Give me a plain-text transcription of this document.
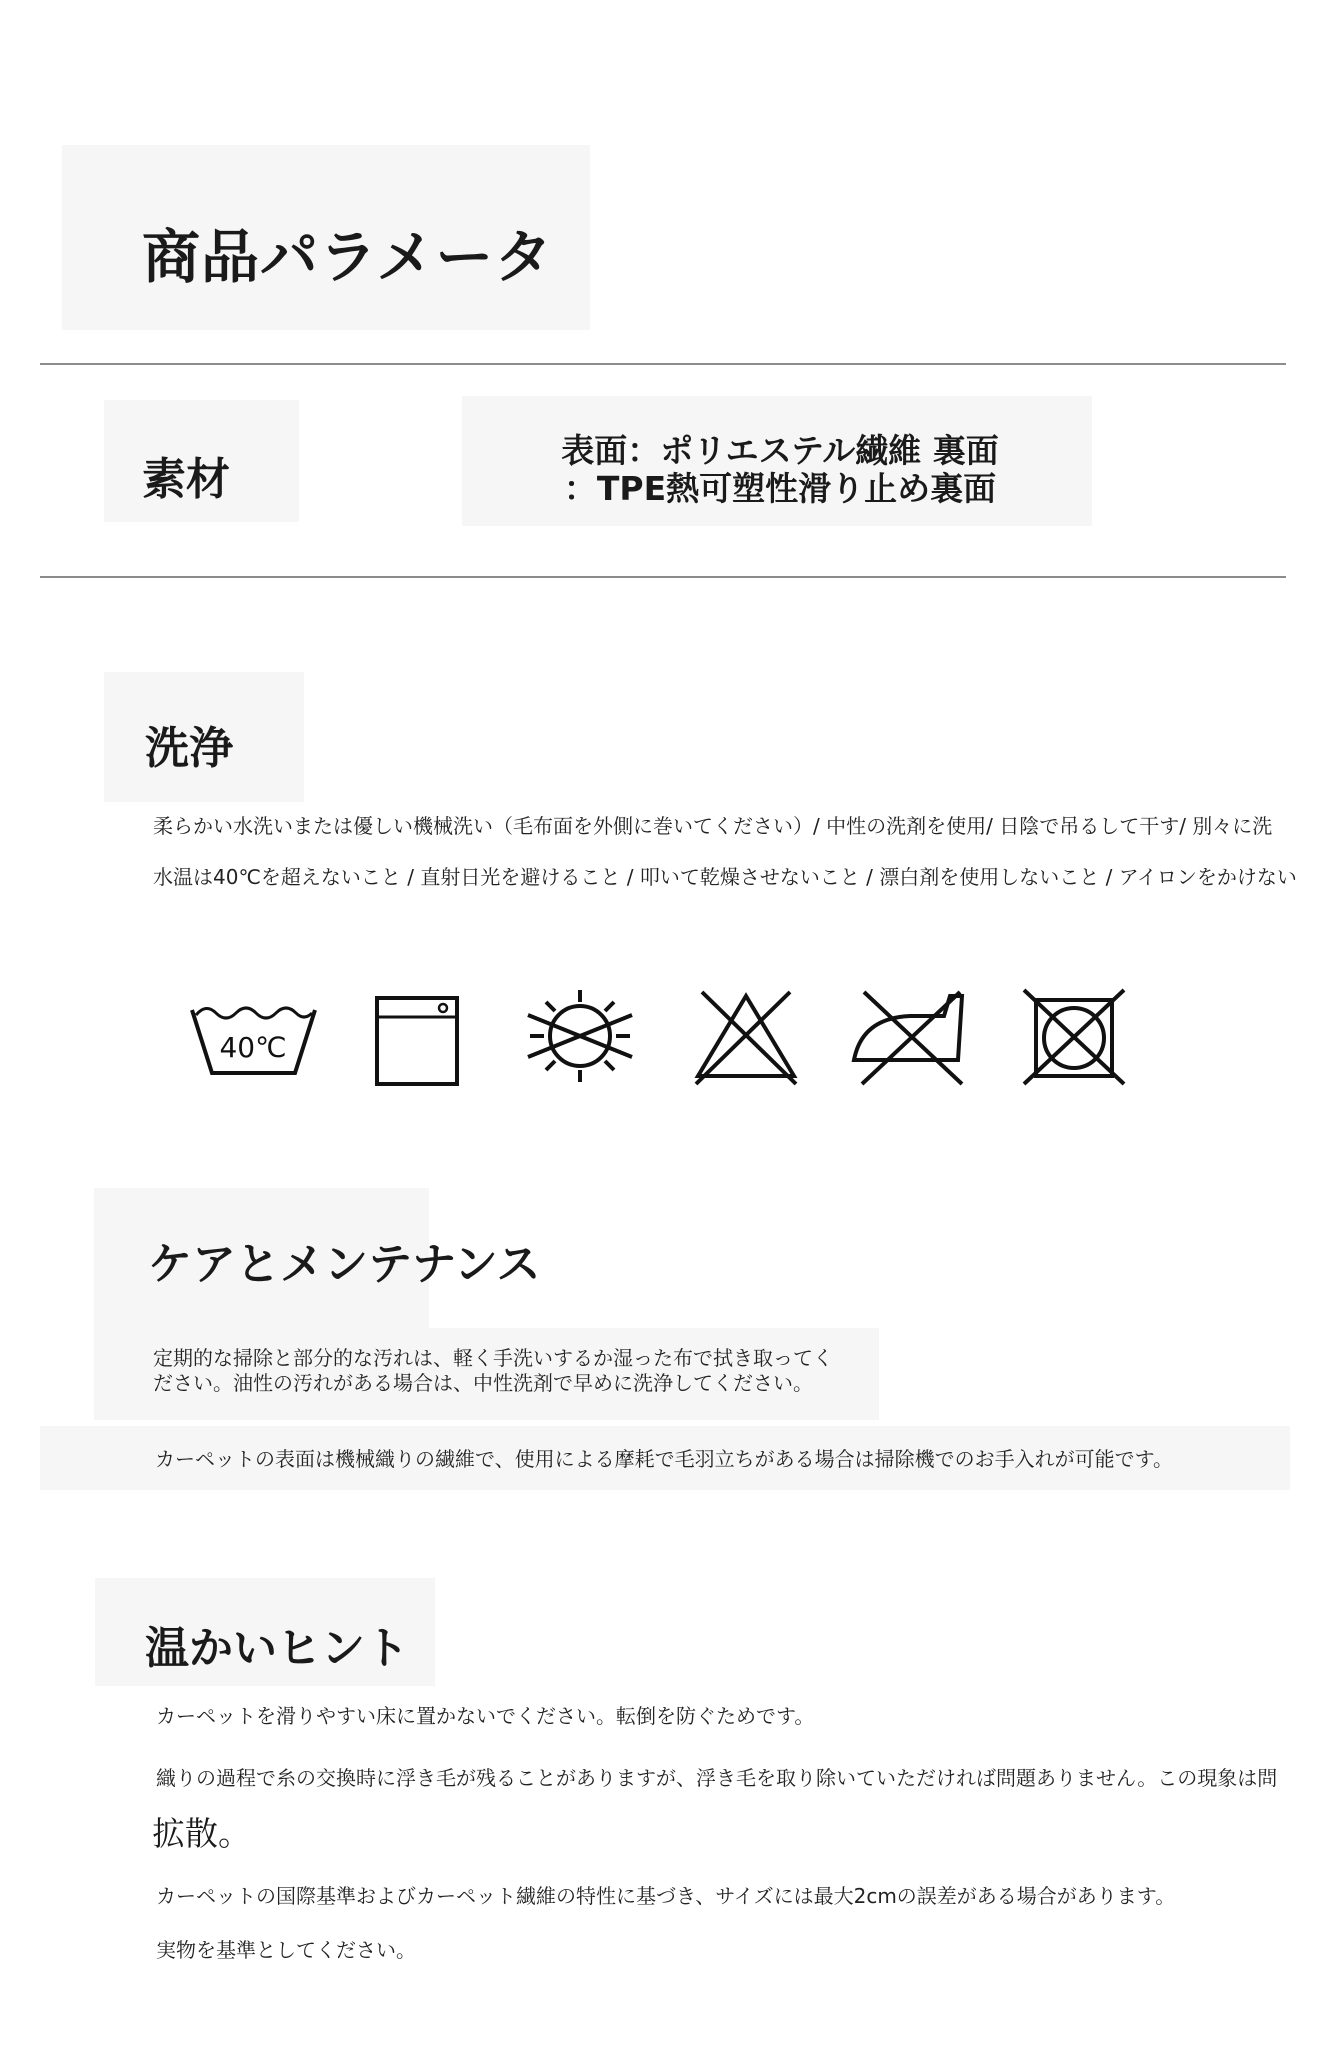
商品パラメータ
素材
表面：ポリエステル繊維 裏面
：TPE熱可塑性滑り止め裏面
洗浄
柔らかい水洗いまたは優しい機械洗い（毛布面を外側に巻いてください）/ 中性の洗剤を使用/ 日陰で吊るして干す/ 別々に洗
水温は40℃を超えないこと / 直射日光を避けること / 叩いて乾燥させないこと / 漂白剤を使用しないこと / アイロンをかけない
40℃
ケアとメンテナンス
定期的な掃除と部分的な汚れは、軽く手洗いするか湿った布で拭き取ってく
ださい。油性の汚れがある場合は、中性洗剤で早めに洗浄してください。
カーペットの表面は機械織りの繊維で、使用による摩耗で毛羽立ちがある場合は掃除機でのお手入れが可能です。
温かいヒント
カーペットを滑りやすい床に置かないでください。転倒を防ぐためです。
織りの過程で糸の交換時に浮き毛が残ることがありますが、浮き毛を取り除いていただければ問題ありません。この現象は問
拡散。
カーペットの国際基準およびカーペット繊維の特性に基づき、サイズには最大2cmの誤差がある場合があります。
実物を基準としてください。
